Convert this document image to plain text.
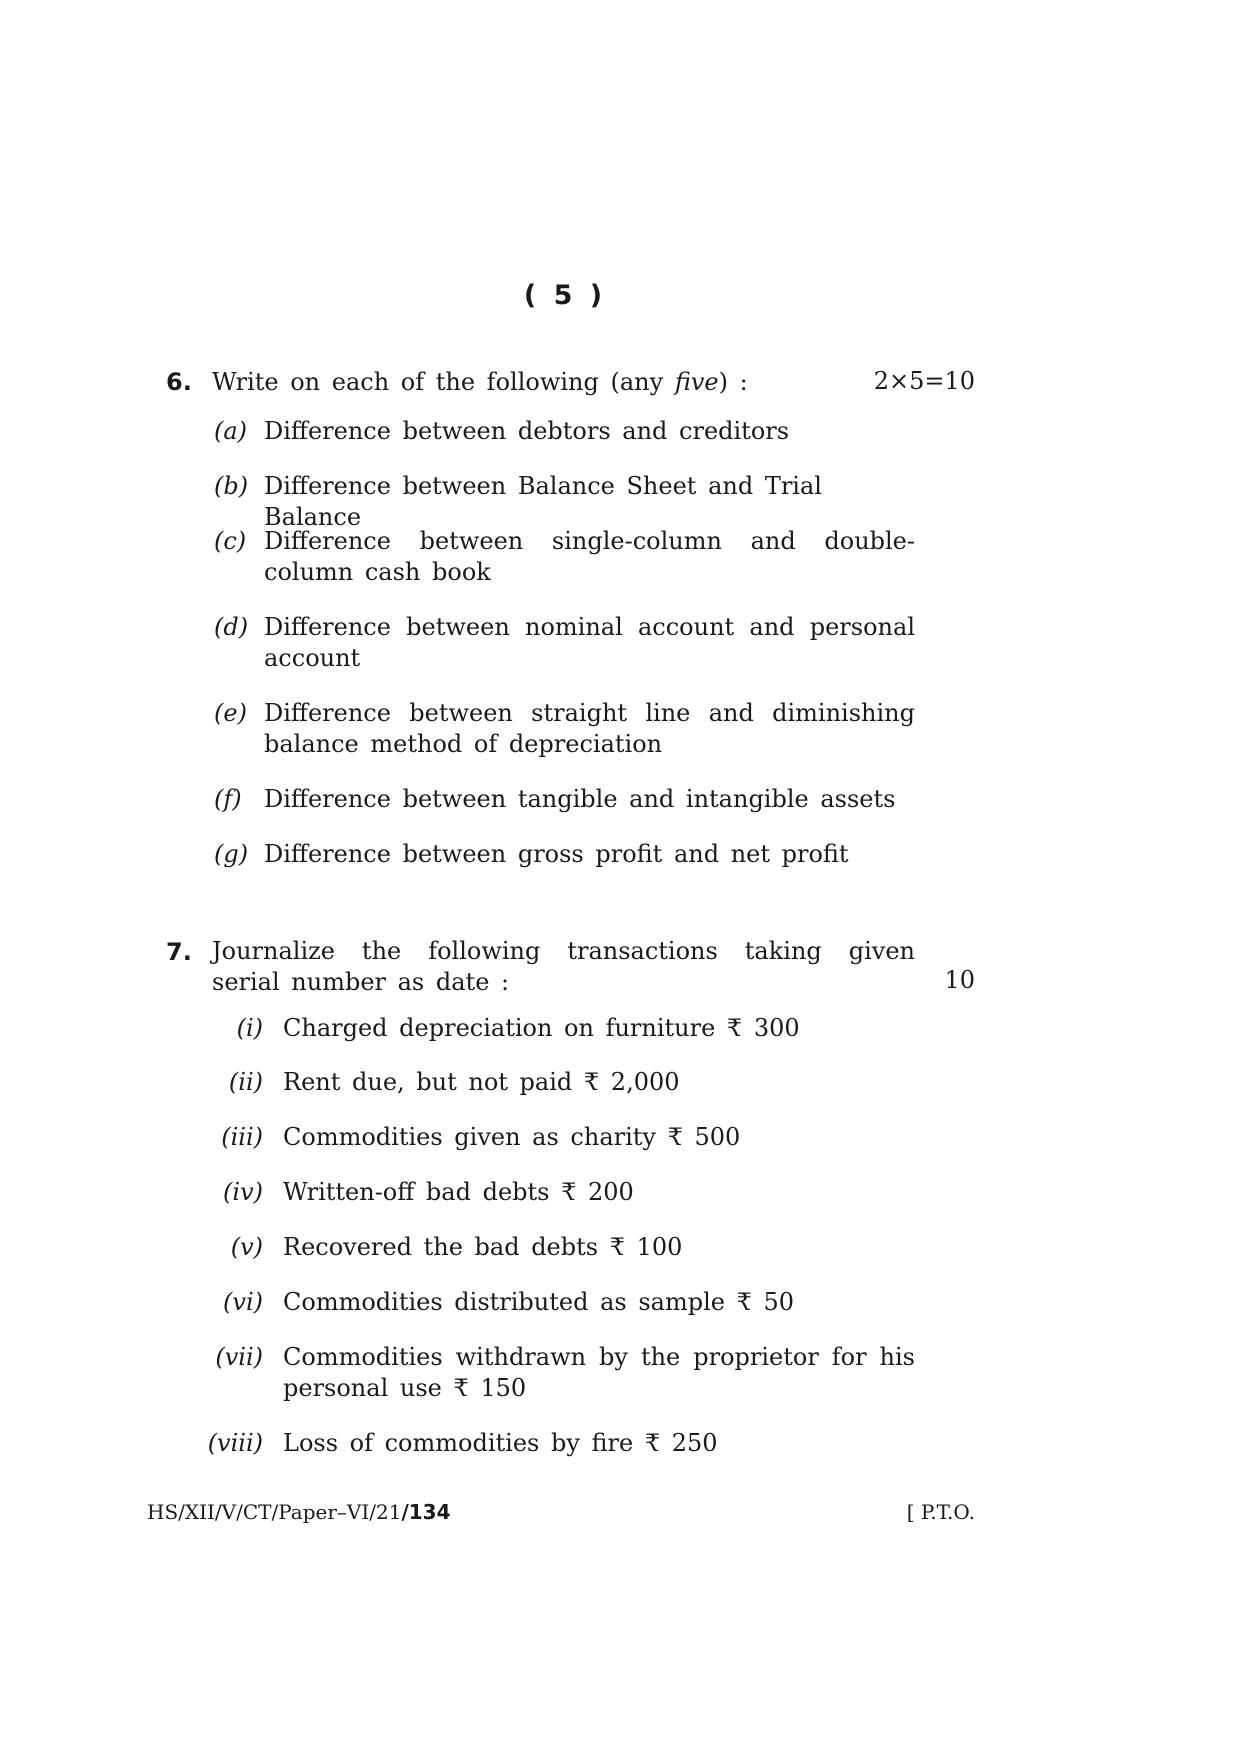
( 5 )
6. Write on each of the following (any five) :	2×5=10
(a) Difference between debtors and creditors
(b) Difference between Balance Sheet and Trial Balance
(c) Difference between single-column and double-column cash book
(d) Difference between nominal account and personal account
(e) Difference between straight line and diminishing balance method of depreciation
(f) Difference between tangible and intangible assets
(g) Difference between gross profit and net profit
7. Journalize the following transactions taking given serial number as date :	10
(i) Charged depreciation on furniture ₹ 300
(ii) Rent due, but not paid ₹ 2,000
(iii) Commodities given as charity ₹ 500
(iv) Written-off bad debts ₹ 200
(v) Recovered the bad debts ₹ 100
(vi) Commodities distributed as sample ₹ 50
(vii) Commodities withdrawn by the proprietor for his personal use ₹ 150
(viii) Loss of commodities by fire ₹ 250
HS/XII/V/CT/Paper–VI/21/134	[ P.T.O.
